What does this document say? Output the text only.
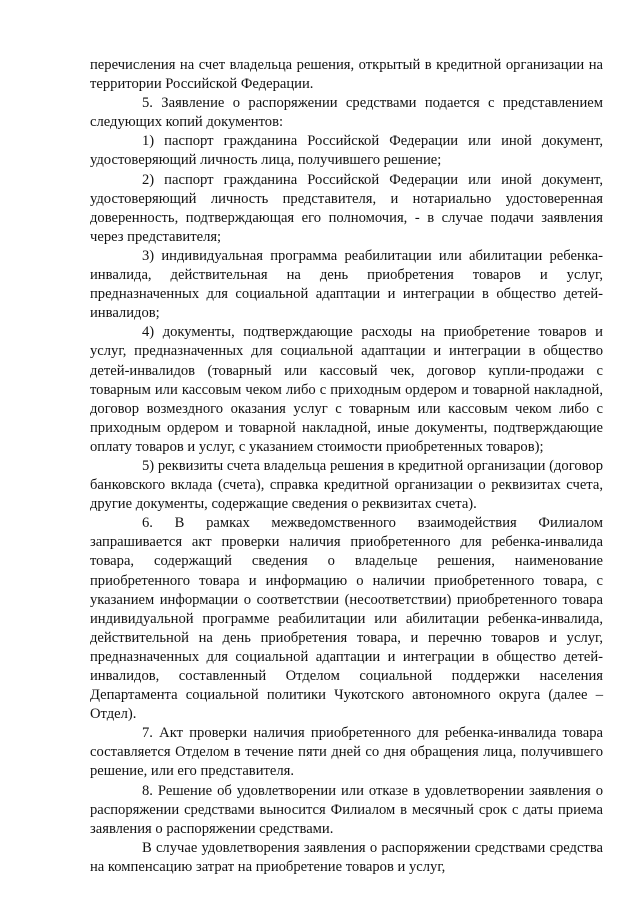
перечисления на счет владельца решения, открытый в кредитной организации на территории Российской Федерации.

5. Заявление о распоряжении средствами подается с представлением следующих копий документов:

1) паспорт гражданина Российской Федерации или иной документ, удостоверяющий личность лица, получившего решение;

2) паспорт гражданина Российской Федерации или иной документ, удостоверяющий личность представителя, и нотариально удостоверенная доверенность, подтверждающая его полномочия, - в случае подачи заявления через представителя;

3) индивидуальная программа реабилитации или абилитации ребенка-инвалида, действительная на день приобретения товаров и услуг, предназначенных для социальной адаптации и интеграции в общество детей-инвалидов;

4) документы, подтверждающие расходы на приобретение товаров и услуг, предназначенных для социальной адаптации и интеграции в общество детей-инвалидов (товарный или кассовый чек, договор купли-продажи с товарным или кассовым чеком либо с приходным ордером и товарной накладной, договор возмездного оказания услуг с товарным или кассовым чеком либо с приходным ордером и товарной накладной, иные документы, подтверждающие оплату товаров и услуг, с указанием стоимости приобретенных товаров);

5) реквизиты счета владельца решения в кредитной организации (договор банковского вклада (счета), справка кредитной организации о реквизитах счета, другие документы, содержащие сведения о реквизитах счета).

6. В рамках межведомственного взаимодействия Филиалом запрашивается акт проверки наличия приобретенного для ребенка-инвалида товара, содержащий сведения о владельце решения, наименование приобретенного товара и информацию о наличии приобретенного товара, с указанием информации о соответствии (несоответствии) приобретенного товара индивидуальной программе реабилитации или абилитации ребенка-инвалида, действительной на день приобретения товара, и перечню товаров и услуг, предназначенных для социальной адаптации и интеграции в общество детей-инвалидов, составленный Отделом социальной поддержки населения Департамента социальной политики Чукотского автономного округа (далее – Отдел).

7. Акт проверки наличия приобретенного для ребенка-инвалида товара составляется Отделом в течение пяти дней со дня обращения лица, получившего решение, или его представителя.

8. Решение об удовлетворении или отказе в удовлетворении заявления о распоряжении средствами выносится Филиалом в месячный срок с даты приема заявления о распоряжении средствами.

В случае удовлетворения заявления о распоряжении средствами средства на компенсацию затрат на приобретение товаров и услуг,
